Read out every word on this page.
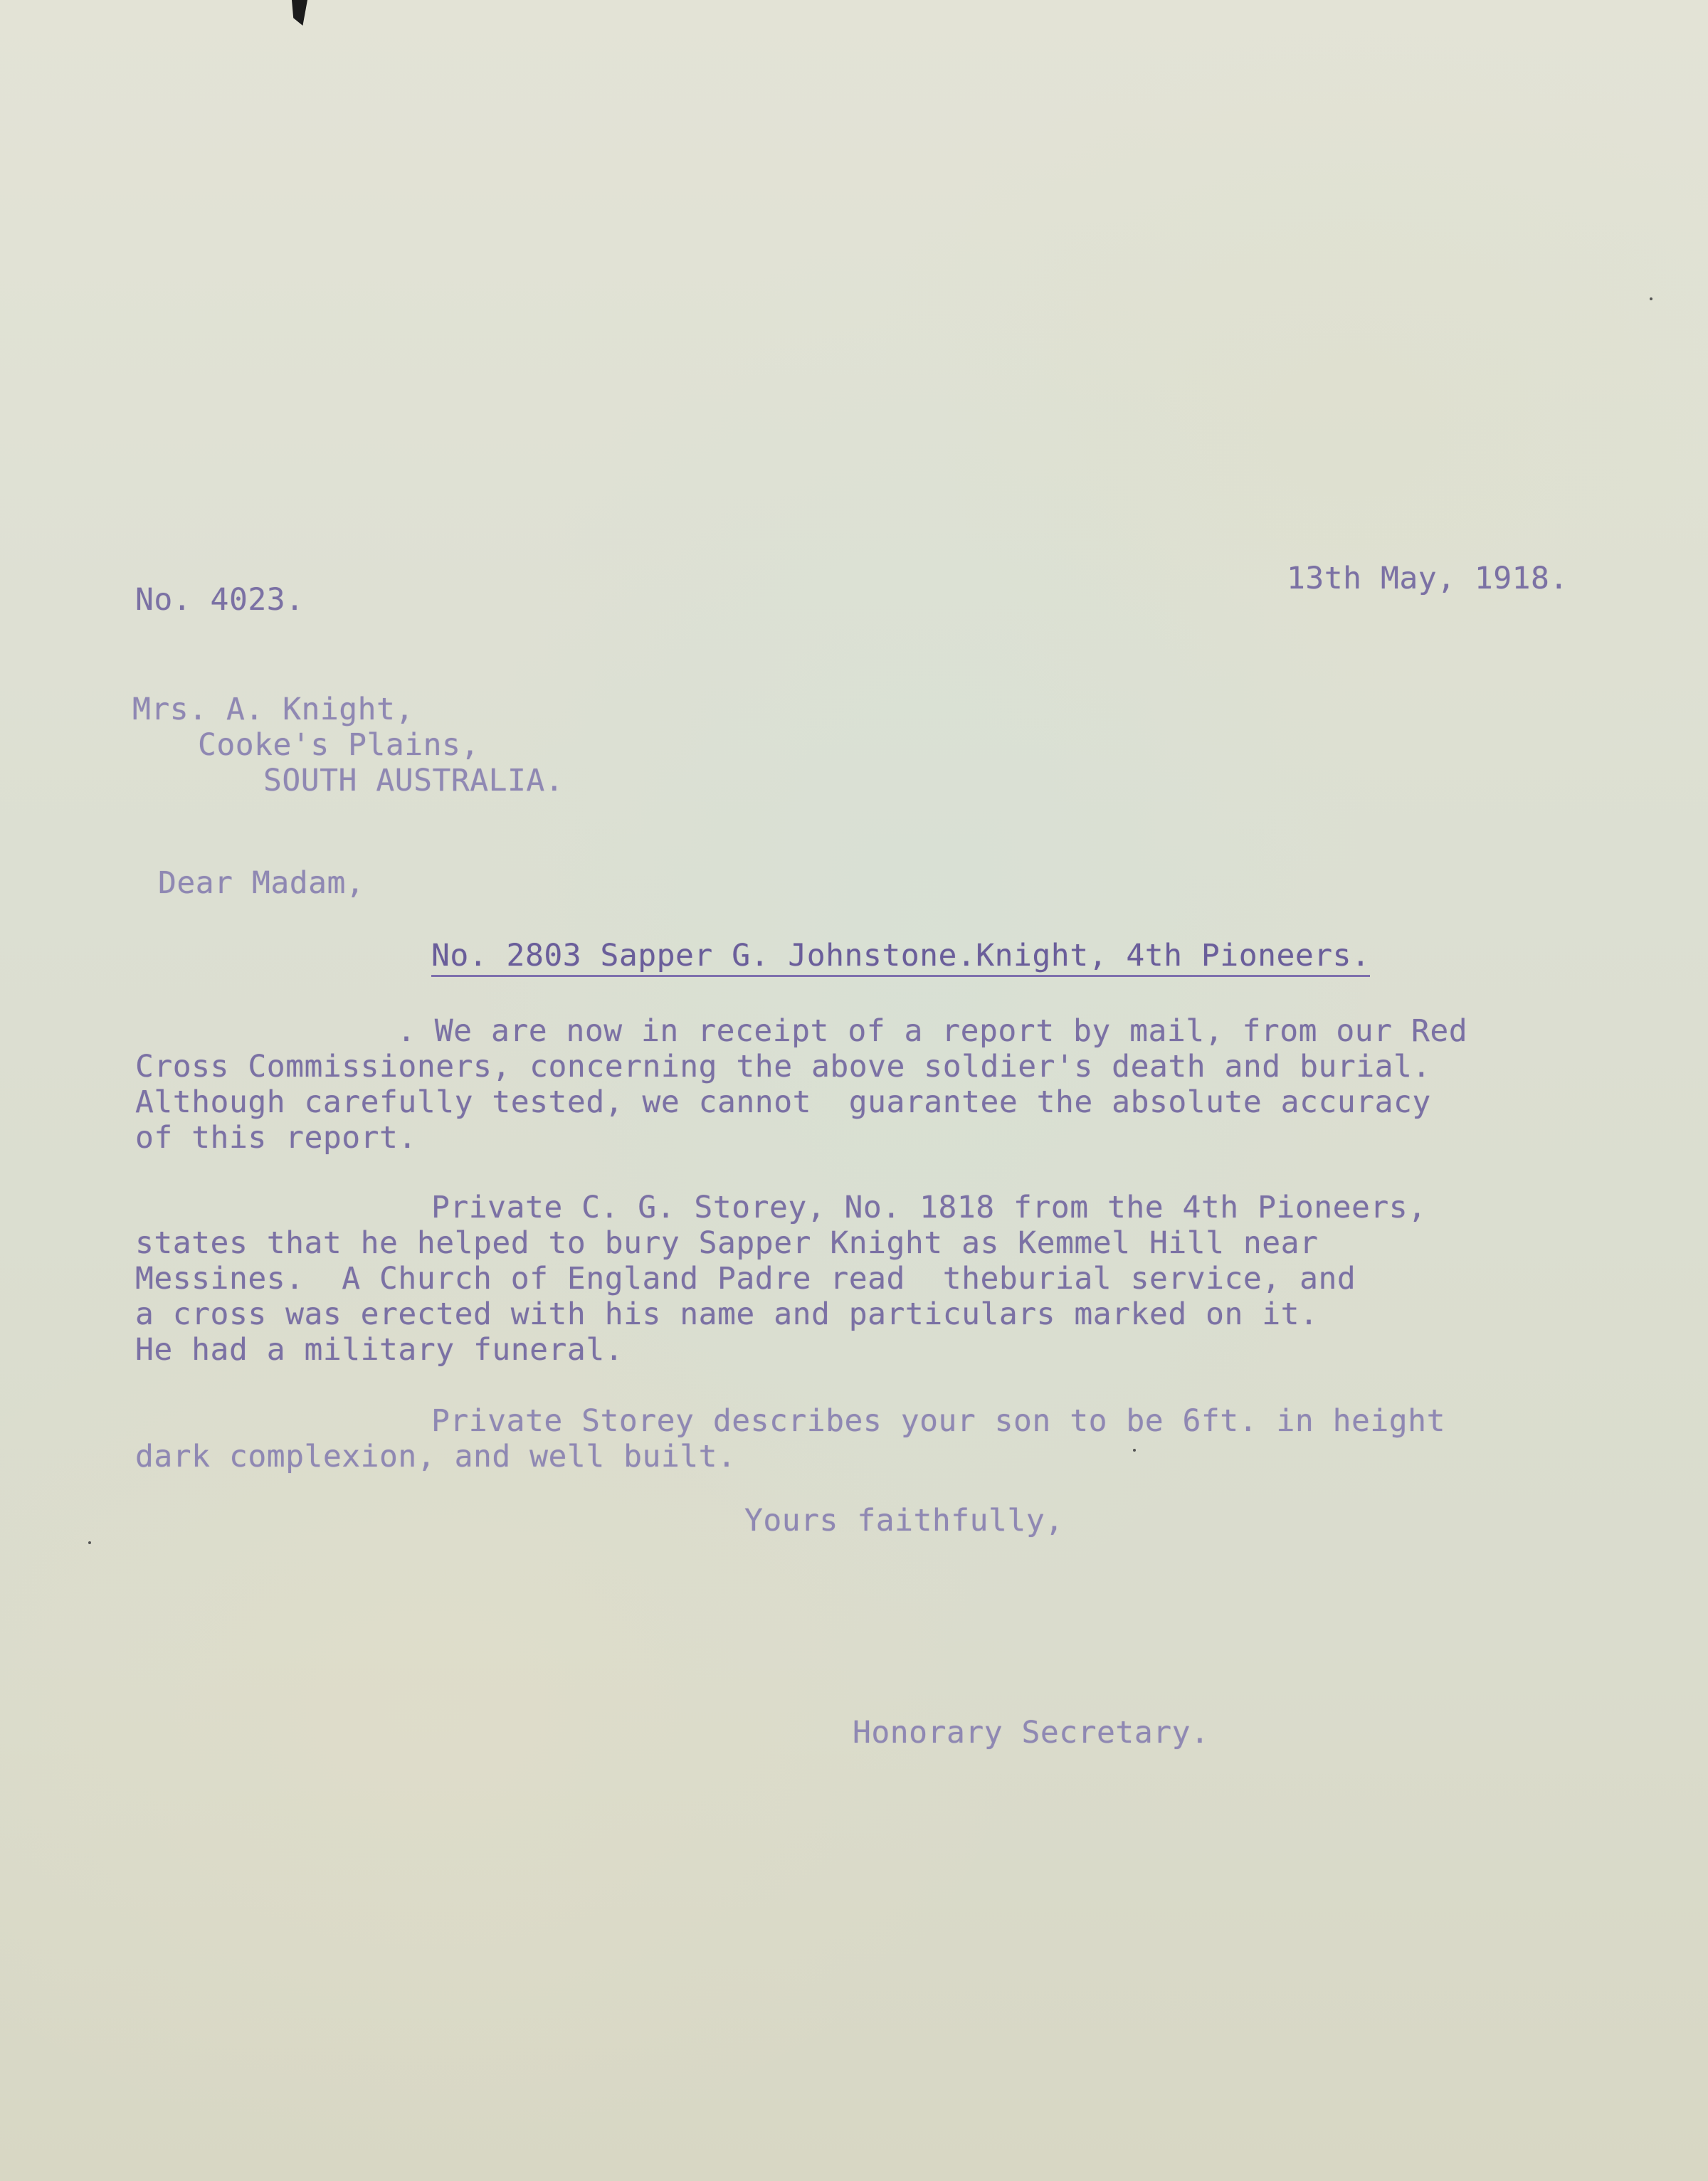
No. 4023.

13th May, 1918.

Mrs. A. Knight,

Cooke's Plains,

SOUTH AUSTRALIA.

Dear Madam,

No. 2803 Sapper G. Johnstone.Knight, 4th Pioneers.

. We are now in receipt of a report by mail, from our Red

Cross Commissioners, concerning the above soldier's death and burial.

Although carefully tested, we cannot  guarantee the absolute accuracy

of this report.

Private C. G. Storey, No. 1818 from the 4th Pioneers,

states that he helped to bury Sapper Knight as Kemmel Hill near

Messines.  A Church of England Padre read  theburial service, and

a cross was erected with his name and particulars marked on it.

He had a military funeral.

Private Storey describes your son to be 6ft. in height

dark complexion, and well built.

Yours faithfully,

Honorary Secretary.
